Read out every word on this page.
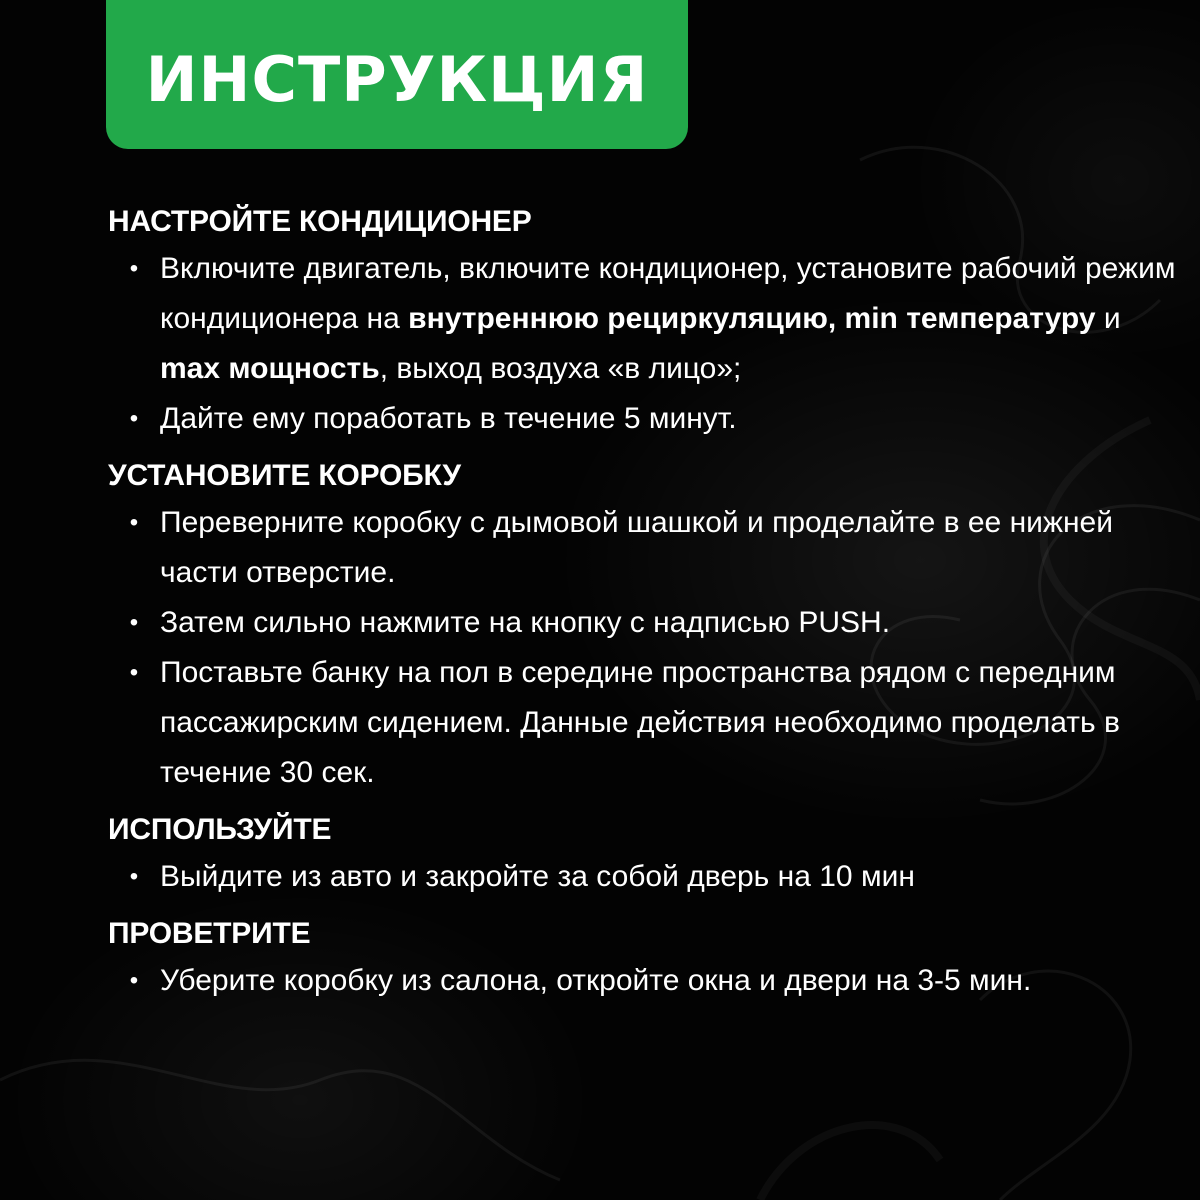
ИНСТРУКЦИЯ
НАСТРОЙТЕ КОНДИЦИОНЕР
• Включите двигатель, включите кондиционер, установите рабочий режим кондиционера на внутреннюю рециркуляцию, min температуру и max мощность, выход воздуха «в лицо»;
• Дайте ему поработать в течение 5 минут.
УСТАНОВИТЕ КОРОБКУ
• Переверните коробку с дымовой шашкой и проделайте в ее нижней части отверстие.
• Затем сильно нажмите на кнопку с надписью PUSH.
• Поставьте банку на пол в середине пространства рядом с передним пассажирским сидением. Данные действия необходимо проделать в течение 30 сек.
ИСПОЛЬЗУЙТЕ
• Выйдите из авто и закройте за собой дверь на 10 мин
ПРОВЕТРИТЕ
• Уберите коробку из салона, откройте окна и двери на 3-5 мин.
